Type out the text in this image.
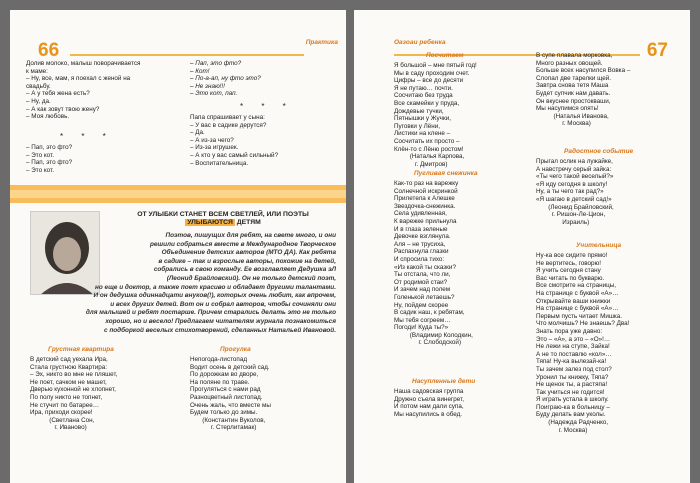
66	Практика
Долив молоко, малыш поворачивается
к маме:
– Ну, все, мам, я поехал с женой на
свадьбу.
– А у тебя жена есть?
– Ну, да.
– А как зовут твою жену?
– Моя любовь.
* * *
– Пап, это фто?
– Это кот.
– Пап, это фто?
– Это кот.
– Пап, это фто?
– Кот!
– По-а-ап, ну фто это?
– Не знаю!!!
– Это кот, пап.
* * *
Папа спрашивает у сына:
– У вас в садике дерутся?
– Да.
– А из-за чего?
– Из-за игрушек.
– А кто у вас самый сильный?
– Воспитательница.
ОТ УЛЫБКИ СТАНЕТ ВСЕМ СВЕТЛЕЙ, ИЛИ ПОЭТЫ
УЛЫБАЮТСЯ ДЕТЯМ
Поэтов, пишущих для ребят, на свете много, и они
решили собраться вместе в Международное Творческое
Объединение детских авторов (МТО ДА). Как ребята
в садике – так и взрослые авторы, похожие на детей,
собрались в свою команду. Ее возглавляет Дедушка эЛ
(Леонид Брайловский). Он не только детский поэт,
но еще и доктор, а также поет красиво и обладает другими талантами.
И он дедушка одиннадцати внуков(!), которых очень любит, как впрочем,
и всех других детей. Вот он и собрал авторов, чтобы сочиняли они
для малышей и ребят постарше. Причем старались делать это не только
хорошо, но и весело! Предлагаем читателям журнала познакомиться
с подборкой веселых стихотворений, сделанных Натальей Ивановой.
Грустная квартира
В детский сад уехала Ира,
Стала грустною Квартира:
– Эх, никто во мне не пляшет,
Не поет, сачком не машет,
Дверью кухонной не хлопнет,
По полу никто не топнет,
Не стучит по батарее…
Ира, приходи скорее!
(Светлана Сон,
г. Иваново)
Прогулка
Непогода-листопад
Водит осень в детский сад.
По дорожкам во дворе,
На поляне по траве.
Прогуляться с нами рад
Разноцветный листопад.
Очень жаль, что вместе мы
Будем только до зимы.
(Константин Вуколов,
г. Стерлитамак)
67
Оазоаи ребенка
Посчитаем
Я большой – мне пятый год!
Мы в саду проходим счет.
Цифры – все до десяти
Я не путаю… почти.
Сосчитаю без труда
Все скамейки у пруда,
Дождевые тучки,
Пятнышки у Жучки,
Пуговки у Лёни,
Листики на клене –
Сосчитать их просто –
Клён-то с Лёню ростом!
(Наталья Карпова,
г. Дмитров)
Пугливая снежинка
Как-то раз на варежку
Солнечной искринкой
Прилетела к Алешке
Звездочка-снежинка.
Села удивленная,
К варежке прильнула
И в глаза зеленые
Девочке взглянула.
Аля – не трусиха,
Распахнула глазки
И спросила тихо:
«Из какой ты сказки?
Ты отстала, что ли,
От родимой стаи?
И зачем над полем
Голенькой летаешь?
Ну, пойдем скорее
В садик наш, к ребятам,
Мы тебя согреем…
Погоди! Куда ты?»
(Владимир Колодкин,
г. Слободской)
Насупленные дети
Наша садовская группа
Дружно съела винегрет,
И потом нам дали супа,
Мы насупились в обед.
В супе плавала морковка,
Много разных овощей.
Больше всех насупился Вовка –
Слопал две тарелки щей.
Завтра снова тетя Маша
Будет супчик нам давать.
Он вкуснее простокваши,
Мы насупимся опять!
(Наталья Иванова,
г. Москва)
Радостное событие
Прыгал ослик на лужайке,
А навстречу серый зайка:
«Ты чего такой веселый?»
«Я иду сегодня в школу!
Ну, а ты чего так рад?»
«Я шагаю в детский сад!»
(Леонид Брайловский,
г. Ришон-Ле-Цион,
Израиль)
Учительница
Ну-ка все сидите прямо!
Не вертитесь, говорю!
Я учить сегодня стану
Вас читать по букварю.
Все смотрите на страницы,
На странице с буквой «А»…
Открывайте ваши книжки
На странице с буквой «А»…
Первым пусть читает Мишка.
Что молчишь? Не знаешь? Два!
Знать пора уже давно:
Это – «А», а это – «О»!…
Не лежи на ступе, Зайка!
А не то поставлю «кол»…
Тяпа! Ну-ка вылезай-ка!
Ты зачем залез под стол?
Уронил ты книжку, Тяпа?
Не щенок ты, а растяпа!
Так учиться не годится!
Я играть устала в школу.
Поиграю-ка в больницу –
Буду делать вам уколы.
(Надежда Радченко,
г. Москва)
